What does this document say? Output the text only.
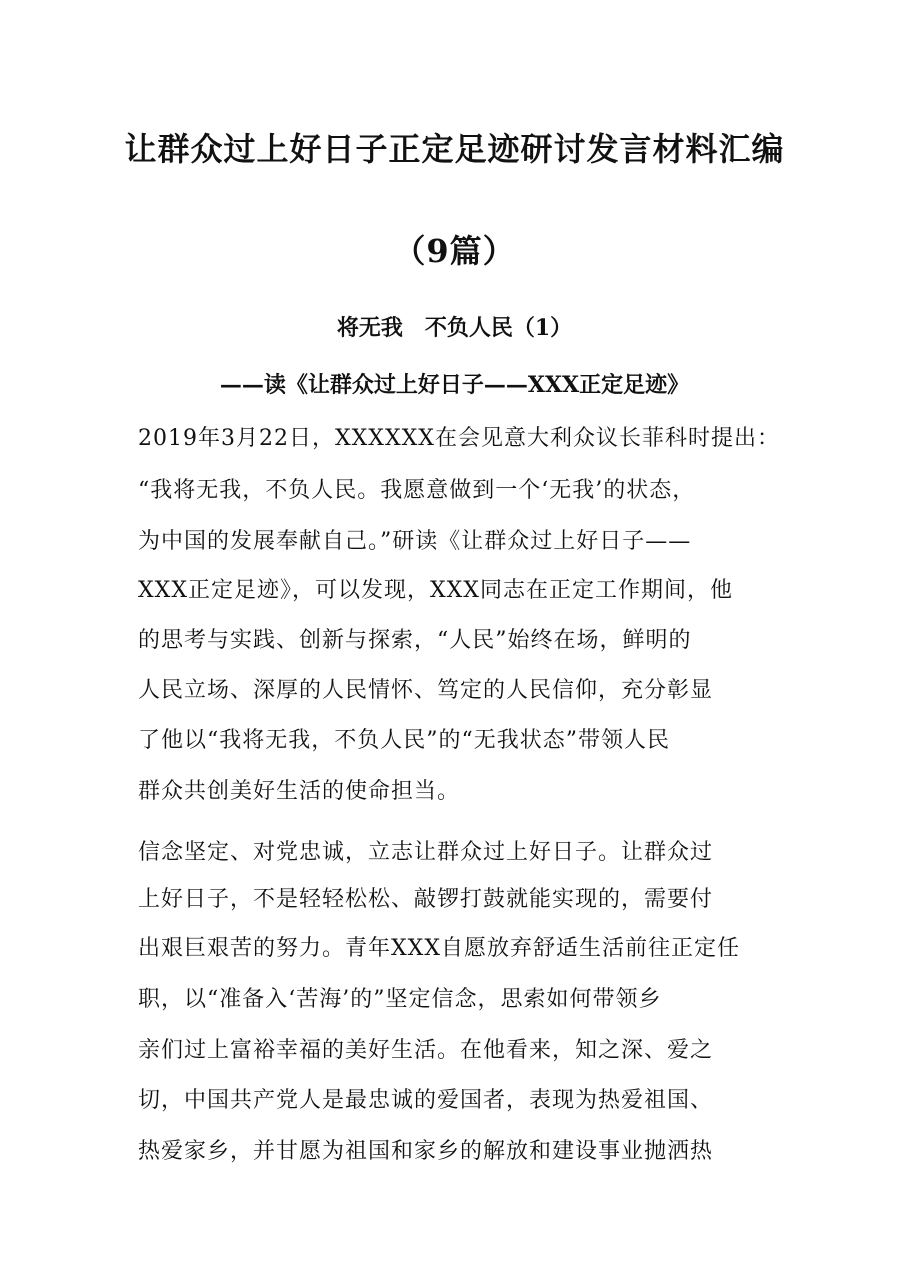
让群众过上好日子正定足迹研讨发言材料汇编
（9篇）
将无我　不负人民（1）
——读《让群众过上好日子——XXX正定足迹》
2019年3月22日，XXXXXX在会见意大利众议长菲科时提出：
“我将无我，不负人民。我愿意做到一个‘无我’的状态，
为中国的发展奉献自己。”研读《让群众过上好日子——
XXX正定足迹》，可以发现，XXX同志在正定工作期间，他
的思考与实践、创新与探索，“人民”始终在场，鲜明的
人民立场、深厚的人民情怀、笃定的人民信仰，充分彰显
了他以“我将无我，不负人民”的“无我状态”带领人民
群众共创美好生活的使命担当。
信念坚定、对党忠诚，立志让群众过上好日子。让群众过
上好日子，不是轻轻松松、敲锣打鼓就能实现的，需要付
出艰巨艰苦的努力。青年XXX自愿放弃舒适生活前往正定任
职，以“准备入‘苦海’的”坚定信念，思索如何带领乡
亲们过上富裕幸福的美好生活。在他看来，知之深、爱之
切，中国共产党人是最忠诚的爱国者，表现为热爱祖国、
热爱家乡，并甘愿为祖国和家乡的解放和建设事业抛洒热
